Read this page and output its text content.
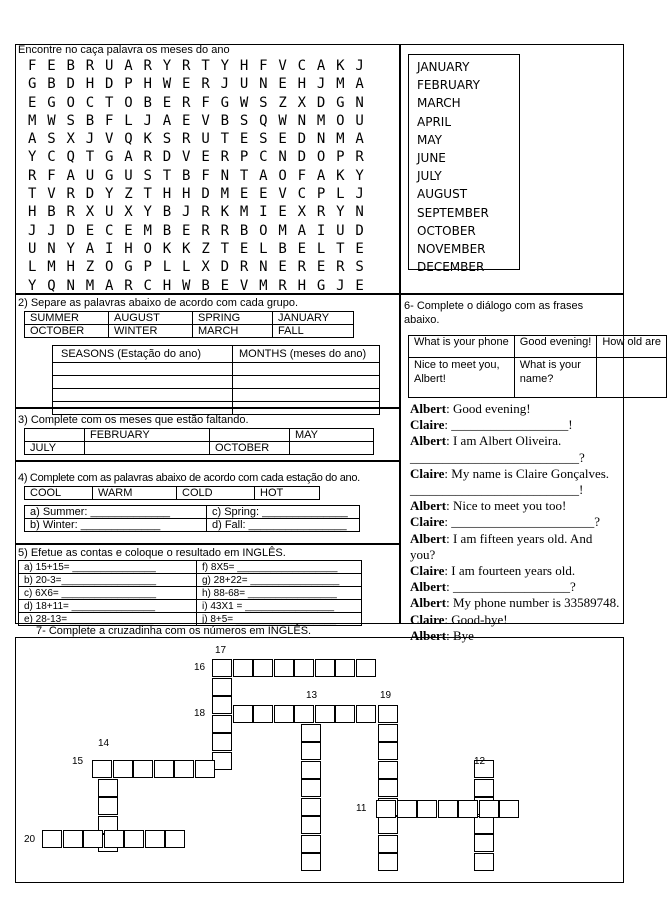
Encontre no caça palavra os meses do ano
F E B R U A R Y R T Y H F V C A K J
G B D H D P H W E R J U N E H J M A
E G O C T O B E R F G W S Z X D G N
M W S B F L J A E V B S Q W N M O U
A S X J V Q K S R U T E S E D N M A
Y C Q T G A R D V E R P C N D O P R
R F A U G U S T B F N T A O F A K Y
T V R D Y Z T H H D M E E V C P L J
H B R X U X Y B J R K M I E X R Y N
J J D E C E M B E R R B O M A I U D
U N Y A I H O K K Z T E L B E L T E
L M H Z O G P L L X D R N E R E R S
Y Q N M A R C H W B E V M R H G J E
JANUARY
FEBRUARY
MARCH
APRIL
MAY
JUNE
JULY
AUGUST
SEPTEMBER
OCTOBER
NOVEMBER
DECEMBER
2) Separe as palavras abaixo de acordo com cada grupo.
SUMMER	AUGUST	SPRING	JANUARY
OCTOBER	WINTER	MARCH	FALL
SEASONS (Estação do ano)	MONTHS (meses do ano)

3) Complete com os meses que estão faltando.
	FEBRUARY		MAY
JULY		OCTOBER	
4) Complete com as palavras abaixo de acordo com cada estação do ano.
COOL	WARM	COLD	HOT
a) Summer: _____________	c) Spring: ______________
b) Winter: _____________	d) Fall: ________________
5) Efetue as contas e coloque o resultado em INGLÊS.
a) 15+15= _______________	f) 8X5= __________________
b) 20-3=_________________	g) 28+22= ________________
c) 6X6= _________________	h) 88-68= ________________
d) 18+11= _______________	i) 43X1 = ________________
e) 28-13= _______________	j) 8+5= __________________
6- Complete o diálogo com as frases abaixo.
What is your phone	Good evening!	How old are
Nice to meet you, Albert!	What is your name?	
Albert: Good evening!
Claire: __________________!
Albert: I am Albert Oliveira.
__________________________?
Claire: My name is Claire Gonçalves.
__________________________!
Albert: Nice to meet you too!
Claire: ______________________?
Albert: I am fifteen years old. And
you?
Claire: I am fourteen years old.
Albert: __________________?
Albert: My phone number is 33589748.
Claire: Good-bye!
Albert: Bye
7- Complete a cruzadinha com os números em INGLÊS.
17
16
13	19
18
14
15	12
11
20
